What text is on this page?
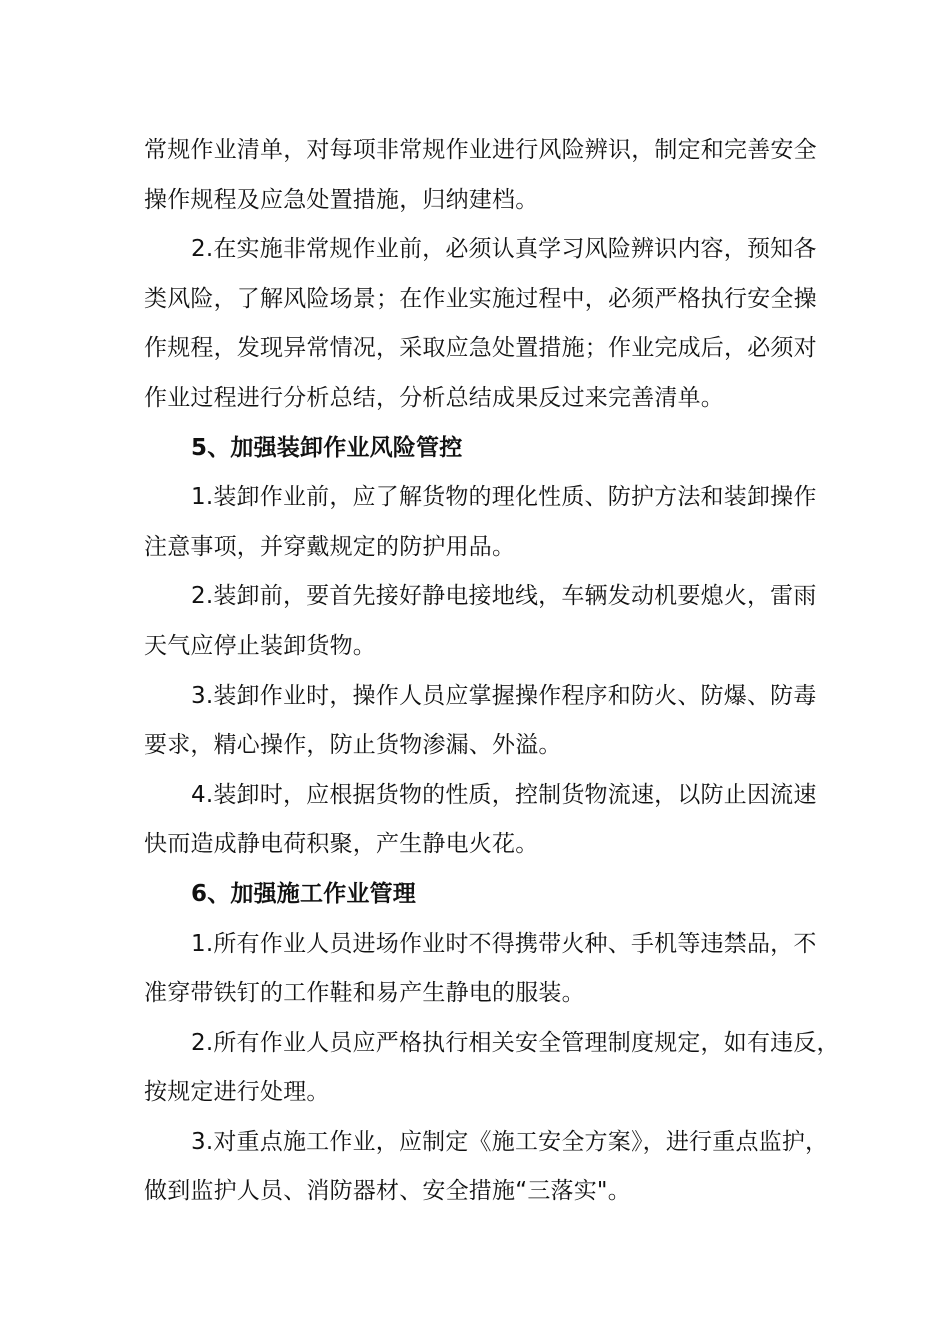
常规作业清单，对每项非常规作业进行风险辨识，制定和完善安全
操作规程及应急处置措施，归纳建档。
2.在实施非常规作业前，必须认真学习风险辨识内容，预知各
类风险，了解风险场景；在作业实施过程中，必须严格执行安全操
作规程，发现异常情况，采取应急处置措施；作业完成后，必须对
作业过程进行分析总结，分析总结成果反过来完善清单。
5、加强装卸作业风险管控
1.装卸作业前，应了解货物的理化性质、防护方法和装卸操作
注意事项，并穿戴规定的防护用品。
2.装卸前，要首先接好静电接地线，车辆发动机要熄火，雷雨
天气应停止装卸货物。
3.装卸作业时，操作人员应掌握操作程序和防火、防爆、防毒
要求，精心操作，防止货物渗漏、外溢。
4.装卸时，应根据货物的性质，控制货物流速，以防止因流速
快而造成静电荷积聚，产生静电火花。
6、加强施工作业管理
1.所有作业人员进场作业时不得携带火种、手机等违禁品，不
准穿带铁钉的工作鞋和易产生静电的服装。
2.所有作业人员应严格执行相关安全管理制度规定，如有违反，
按规定进行处理。
3.对重点施工作业，应制定《施工安全方案》，进行重点监护，
做到监护人员、消防器材、安全措施“三落实"。
